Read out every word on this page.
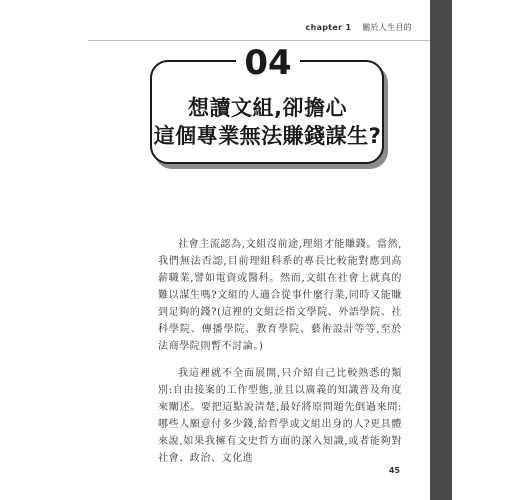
chapter 1 關於人生目的
04
想讀文組,卻擔心
這個專業無法賺錢謀生?

社會主流認為,文組沒前途,理組才能賺錢。當然,我們無法否認,目前理組科系的專長比較能對應到高薪職業,譬如電資或醫科。然而,文組在社會上就真的難以謀生嗎?文組的人適合從事什麼行業,同時又能賺到足夠的錢?(這裡的文組泛指文學院、外語學院、社科學院、傳播學院、教育學院、藝術設計等等,至於法商學院則暫不討論。)

我這裡就不全面展開,只介紹自己比較熟悉的類別:自由接案的工作型態,並且以廣義的知識普及角度來闡述。要把這點說清楚,最好將原問題先倒過來問:哪些人願意付多少錢,給哲學或文組出身的人?更具體來說,如果我擁有文史哲方面的深入知識,或者能夠對社會、政治、文化進

45
